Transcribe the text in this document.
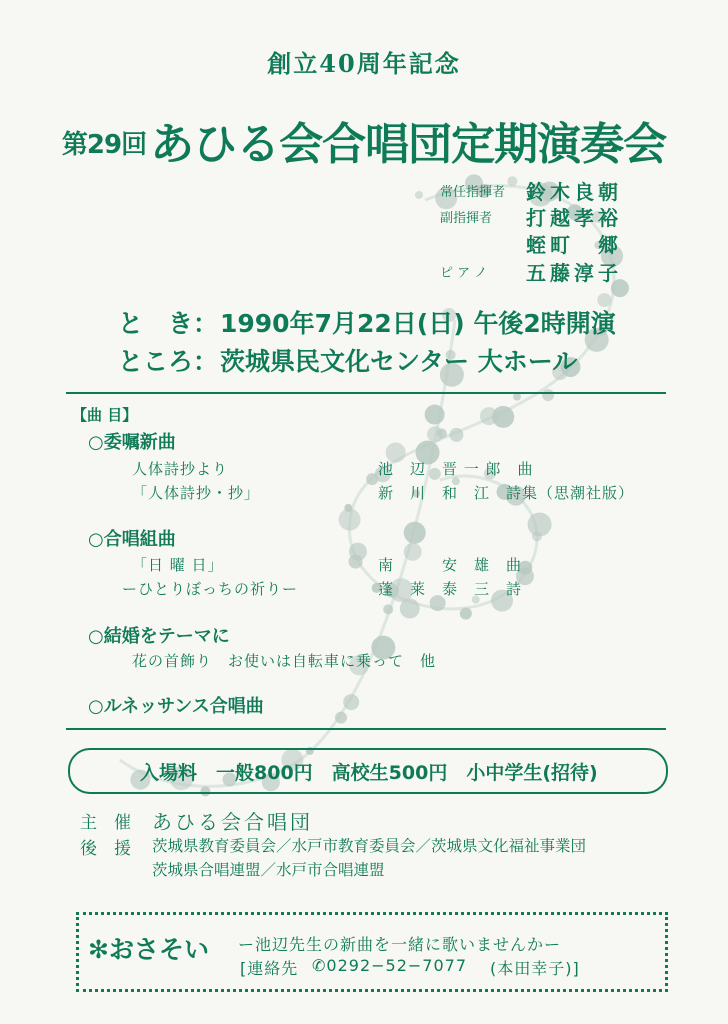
創立40周年記念
第29回あひる会合唱団定期演奏会
常任指揮者 鈴木良朝
副指揮者 打越孝裕
蛭町　郷
ピ ア ノ 五藤淳子
と　き： 1990年7月22日(日) 午後2時開演
ところ： 茨城県民文化センター 大ホール
【曲 目】
○委嘱新曲
人体詩抄より	池　辺　晋 一 郎　曲
「人体詩抄・抄」	新　川　和　江　詩集（思潮社版）
○合唱組曲
「日 曜 日」	南　　　安　雄　曲
ーひとりぼっちの祈りー	蓬　莱　泰　三　詩
○結婚をテーマに
花の首飾り　お使いは自転車に乗って　他
○ルネッサンス合唱曲
入場料　一般800円　高校生500円　小中学生(招待)
主　催 あひる会合唱団
後　援 茨城県教育委員会／水戸市教育委員会／茨城県文化福祉事業団
茨城県合唱連盟／水戸市合唱連盟
✻おさそい ー池辺先生の新曲を一緒に歌いませんかー
[連絡先 ✆0292−52−7077 (本田幸子)]
